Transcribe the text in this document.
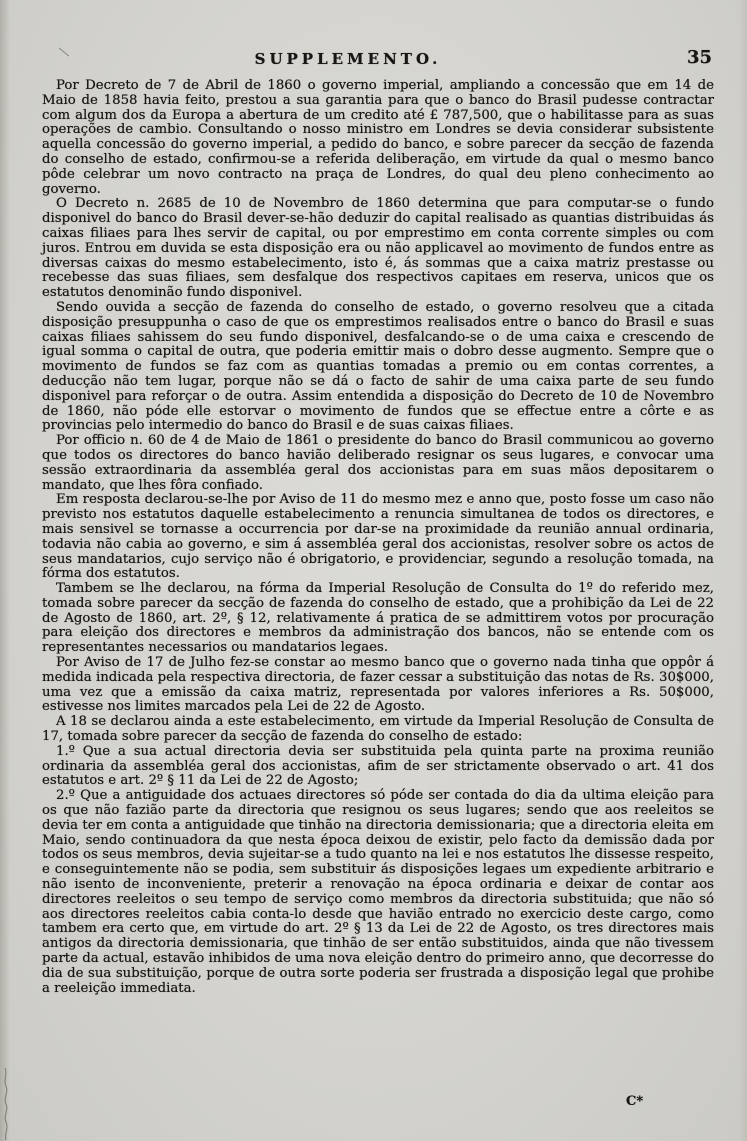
SUPPLEMENTO.	35

Por Decreto de 7 de Abril de 1860 o governo imperial, ampliando a concessão que em 14 de Maio de 1858 havia feito, prestou a sua garantia para que o banco do Brasil pudesse contractar com algum dos da Europa a abertura de um credito até £ 787,500, que o habilitasse para as suas operações de cambio. Consultando o nosso ministro em Londres se devia considerar subsistente aquella concessão do governo imperial, a pedido do banco, e sobre parecer da secção de fazenda do conselho de estado, confirmou-se a referida deliberação, em virtude da qual o mesmo banco pôde celebrar um novo contracto na praça de Londres, do qual deu pleno conhecimento ao governo.

O Decreto n. 2685 de 10 de Novembro de 1860 determina que para computar-se o fundo disponivel do banco do Brasil dever-se-hão deduzir do capital realisado as quantias distribuidas ás caixas filiaes para lhes servir de capital, ou por emprestimo em conta corrente simples ou com juros. Entrou em duvida se esta disposição era ou não applicavel ao movimento de fundos entre as diversas caixas do mesmo estabelecimento, isto é, ás sommas que a caixa matriz prestasse ou recebesse das suas filiaes, sem desfalque dos respectivos capitaes em reserva, unicos que os estatutos denominão fundo disponivel.

Sendo ouvida a secção de fazenda do conselho de estado, o governo resolveu que a citada disposição presuppunha o caso de que os emprestimos realisados entre o banco do Brasil e suas caixas filiaes sahissem do seu fundo disponivel, desfalcando-se o de uma caixa e crescendo de igual somma o capital de outra, que poderia emittir mais o dobro desse augmento. Sempre que o movimento de fundos se faz com as quantias tomadas a premio ou em contas correntes, a deducção não tem lugar, porque não se dá o facto de sahir de uma caixa parte de seu fundo disponivel para reforçar o de outra. Assim entendida a disposição do Decreto de 10 de Novembro de 1860, não póde elle estorvar o movimento de fundos que se effectue entre a côrte e as provincias pelo intermedio do banco do Brasil e de suas caixas filiaes.

Por officio n. 60 de 4 de Maio de 1861 o presidente do banco do Brasil communicou ao governo que todos os directores do banco havião deliberado resignar os seus lugares, e convocar uma sessão extraordinaria da assembléa geral dos accionistas para em suas mãos depositarem o mandato, que lhes fôra confiado.

Em resposta declarou-se-lhe por Aviso de 11 do mesmo mez e anno que, posto fosse um caso não previsto nos estatutos daquelle estabelecimento a renuncia simultanea de todos os directores, e mais sensivel se tornasse a occurrencia por dar-se na proximidade da reunião annual ordinaria, todavia não cabia ao governo, e sim á assembléa geral dos accionistas, resolver sobre os actos de seus mandatarios, cujo serviço não é obrigatorio, e providenciar, segundo a resolução tomada, na fórma dos estatutos.

Tambem se lhe declarou, na fórma da Imperial Resolução de Consulta do 1º do referido mez, tomada sobre parecer da secção de fazenda do conselho de estado, que a prohibição da Lei de 22 de Agosto de 1860, art. 2º, § 12, relativamente á pratica de se admittirem votos por procuração para eleição dos directores e membros da administração dos bancos, não se entende com os representantes necessarios ou mandatarios legaes.

Por Aviso de 17 de Julho fez-se constar ao mesmo banco que o governo nada tinha que oppôr á medida indicada pela respectiva directoria, de fazer cessar a substituição das notas de Rs. 30$000, uma vez que a emissão da caixa matriz, representada por valores inferiores a Rs. 50$000, estivesse nos limites marcados pela Lei de 22 de Agosto.

A 18 se declarou ainda a este estabelecimento, em virtude da Imperial Resolução de Consulta de 17, tomada sobre parecer da secção de fazenda do conselho de estado:

1.º Que a sua actual directoria devia ser substituida pela quinta parte na proxima reunião ordinaria da assembléa geral dos accionistas, afim de ser strictamente observado o art. 41 dos estatutos e art. 2º § 11 da Lei de 22 de Agosto;

2.º Que a antiguidade dos actuaes directores só póde ser contada do dia da ultima eleição para os que não fazião parte da directoria que resignou os seus lugares; sendo que aos reeleitos se devia ter em conta a antiguidade que tinhão na directoria demissionaria; que a directoria eleita em Maio, sendo continuadora da que nesta época deixou de existir, pelo facto da demissão dada por todos os seus membros, devia sujeitar-se a tudo quanto na lei e nos estatutos lhe dissesse respeito, e conseguintemente não se podia, sem substituir ás disposições legaes um expediente arbitrario e não isento de inconveniente, preterir a renovação na época ordinaria e deixar de contar aos directores reeleitos o seu tempo de serviço como membros da directoria substituida; que não só aos directores reeleitos cabia conta-lo desde que havião entrado no exercicio deste cargo, como tambem era certo que, em virtude do art. 2º § 13 da Lei de 22 de Agosto, os tres directores mais antigos da directoria demissionaria, que tinhão de ser então substituidos, ainda que não tivessem parte da actual, estavão inhibidos de uma nova eleição dentro do primeiro anno, que decorresse do dia de sua substituição, porque de outra sorte poderia ser frustrada a disposição legal que prohibe a reeleição immediata.

C*
